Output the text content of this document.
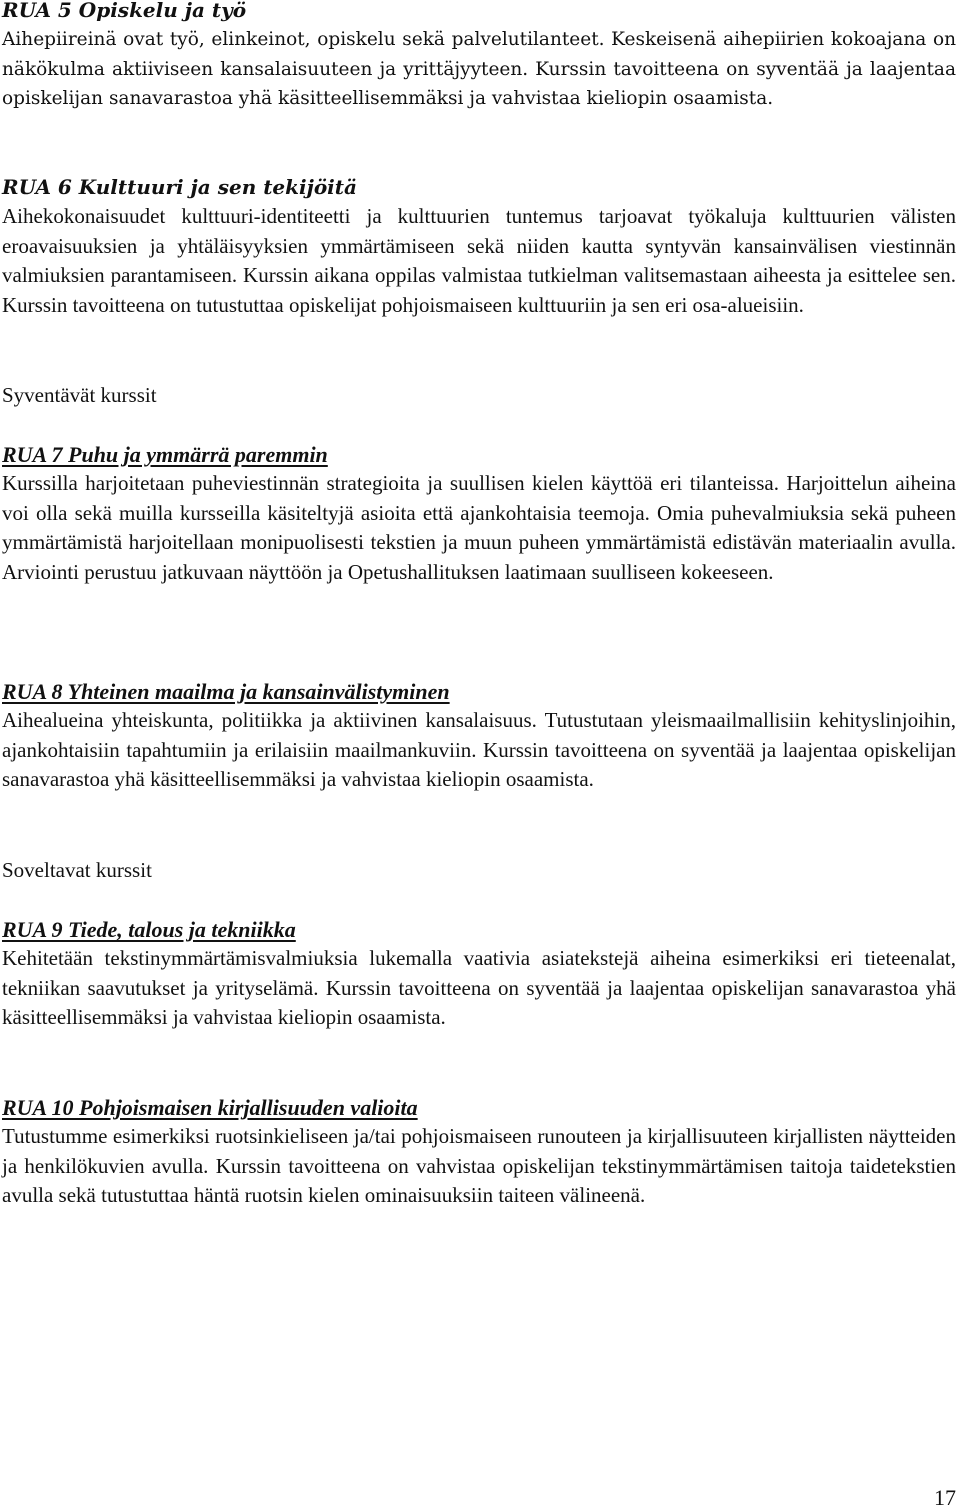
RUA 5 Opiskelu ja työ

Aihepiireinä ovat työ, elinkeinot, opiskelu sekä palvelutilanteet. Keskeisenä aihepiirien kokoajana on näkökulma aktiiviseen kansalaisuuteen ja yrittäjyyteen. Kurssin tavoitteena on syventää ja laajentaa opiskelijan sanavarastoa yhä käsitteellisemmäksi ja vahvistaa kieliopin osaamista.

RUA 6 Kulttuuri ja sen tekijöitä

Aihekokonaisuudet kulttuuri-identiteetti ja kulttuurien tuntemus tarjoavat työkaluja kulttuurien välisten eroavaisuuksien ja yhtäläisyyksien ymmärtämiseen sekä niiden kautta syntyvän kansainvälisen viestinnän valmiuksien parantamiseen. Kurssin aikana oppilas valmistaa tutkielman valitsemastaan aiheesta ja esittelee sen. Kurssin tavoitteena on tutustuttaa opiskelijat pohjoismaiseen kulttuuriin ja sen eri osa-alueisiin.

Syventävät kurssit

RUA 7 Puhu ja ymmärrä paremmin

Kurssilla harjoitetaan puheviestinnän strategioita ja suullisen kielen käyttöä eri tilanteissa. Harjoittelun aiheina voi olla sekä muilla kursseilla käsiteltyjä asioita että ajankohtaisia teemoja. Omia puhevalmiuksia sekä puheen ymmärtämistä harjoitellaan monipuolisesti tekstien ja muun puheen ymmärtämistä edistävän materiaalin avulla. Arviointi perustuu jatkuvaan näyttöön ja Opetushallituksen laatimaan suulliseen kokeeseen.

RUA 8 Yhteinen maailma ja kansainvälistyminen

Aihealueina yhteiskunta, politiikka ja aktiivinen kansalaisuus. Tutustutaan yleismaailmallisiin kehityslinjoihin, ajankohtaisiin tapahtumiin ja erilaisiin maailmankuviin. Kurssin tavoitteena on syventää ja laajentaa opiskelijan sanavarastoa yhä käsitteellisemmäksi ja vahvistaa kieliopin osaamista.

Soveltavat kurssit

RUA 9 Tiede, talous ja tekniikka

Kehitetään tekstinymmärtämisvalmiuksia lukemalla vaativia asiatekstejä aiheina esimerkiksi eri tieteenalat, tekniikan saavutukset ja yrityselämä. Kurssin tavoitteena on syventää ja laajentaa opiskelijan sanavarastoa yhä käsitteellisemmäksi ja vahvistaa kieliopin osaamista.

RUA 10 Pohjoismaisen kirjallisuuden valioita

Tutustumme esimerkiksi ruotsinkieliseen ja/tai pohjoismaiseen runouteen ja kirjallisuuteen kirjallisten näytteiden ja henkilökuvien avulla. Kurssin tavoitteena on vahvistaa opiskelijan tekstinymmärtämisen taitoja taidetekstien avulla sekä tutustuttaa häntä ruotsin kielen ominaisuuksiin taiteen välineenä.

17
